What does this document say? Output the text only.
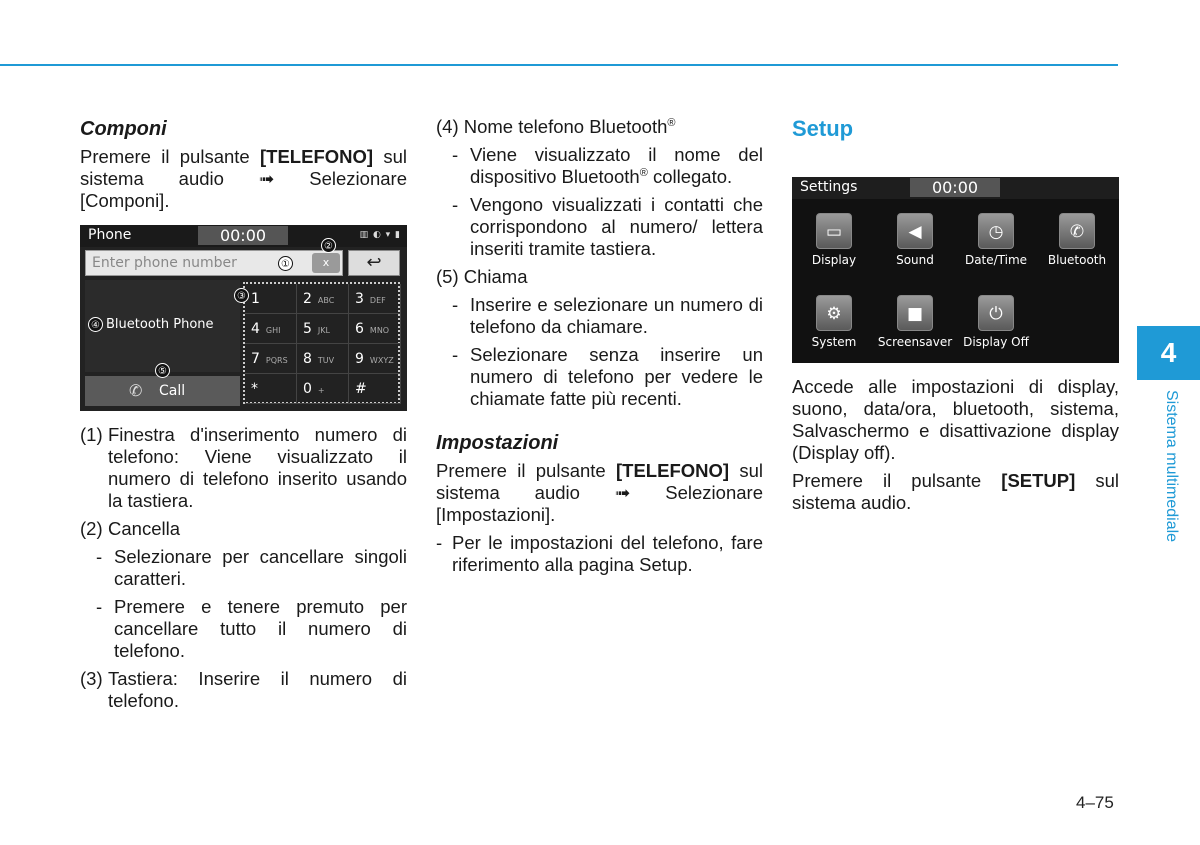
Componi

Premere il pulsante [TELEFONO] sul sistema audio ➟ Selezionare [Componi].

Phone	00:00	▥ ◐ ▾ ▮
Enter phone number	x	↩
Bluetooth Phone
✆ Call
1	2 ABC	3 DEF
4 GHI	5 JKL	6 MNO
7 PQRS	8 TUV	9 WXYZ
*	0 +	#
①
②
③
④
⑤
(1) Finestra d'inserimento numero di telefono: Viene visualizzato il numero di telefono inserito usando la tastiera.
(2) Cancella
- Selezionare per cancellare singoli caratteri.
- Premere e tenere premuto per cancellare tutto il numero di telefono.
(3) Tastiera: Inserire il numero di telefono.

(4) Nome telefono Bluetooth®

- Viene visualizzato il nome del dispositivo Bluetooth® collegato.
- Vengono visualizzati i contatti che corrispondono al numero/ lettera inseriti tramite tastiera.

(5) Chiama

- Inserire e selezionare un numero di telefono da chiamare.
- Selezionare senza inserire un numero di telefono per vedere le chiamate fatte più recenti.
Impostazioni

Premere il pulsante [TELEFONO] sul sistema audio ➟ Selezionare [Impostazioni].

- Per le impostazioni del telefono, fare riferimento alla pagina Setup.
Setup
Settings	00:00
▭
Display
◀
Sound
◷
Date/Time
✆
Bluetooth
⚙
System
■
Screensaver
⏻
Display Off

Accede alle impostazioni di display, suono, data/ora, bluetooth, sistema, Salvaschermo e disattivazione display (Display off).

Premere il pulsante [SETUP] sul sistema audio.

4
Sistema multimediale
4–75
